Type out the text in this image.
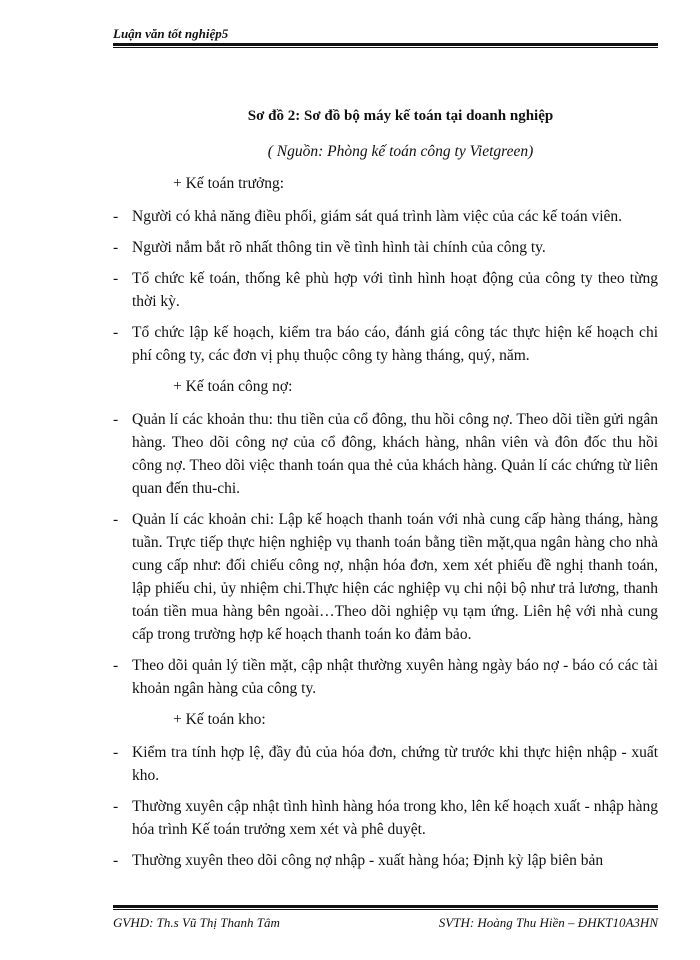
Luận văn tốt nghiệp5
Sơ đồ 2: Sơ đồ bộ máy kế toán tại doanh nghiệp
( Nguồn: Phòng kế toán công ty Vietgreen)
+ Kế toán trưởng:
- Người có khả năng điều phối, giám sát quá trình làm việc của các kế toán viên.
- Người nắm bắt rõ nhất thông tin về tình hình tài chính của công ty.
- Tổ chức kế toán, thống kê phù hợp với tình hình hoạt động của công ty theo từng thời kỳ.
- Tổ chức lập kế hoạch, kiểm tra báo cáo, đánh giá công tác thực hiện kế hoạch chi phí công ty, các đơn vị phụ thuộc công ty hàng tháng, quý, năm.
+ Kế toán công nợ:
- Quản lí các khoản thu: thu tiền của cổ đông, thu hồi công nợ. Theo dõi tiền gửi ngân hàng. Theo dõi công nợ của cổ đông, khách hàng, nhân viên và đôn đốc thu hồi công nợ. Theo dõi việc thanh toán qua thẻ của khách hàng. Quản lí các chứng từ liên quan đến thu-chi.
- Quản lí các khoản chi: Lập kế hoạch thanh toán với nhà cung cấp hàng tháng, hàng tuần. Trực tiếp thực hiện nghiệp vụ thanh toán bằng tiền mặt,qua ngân hàng cho nhà cung cấp như: đối chiếu công nợ, nhận hóa đơn, xem xét phiếu đề nghị thanh toán, lập phiếu chi, ủy nhiệm chi.Thực hiện các nghiệp vụ chi nội bộ như trả lương, thanh toán tiền mua hàng bên ngoài…Theo dõi nghiệp vụ tạm ứng. Liên hệ với nhà cung cấp trong trường hợp kế hoạch thanh toán ko đảm bảo.
- Theo dõi quản lý tiền mặt, cập nhật thường xuyên hàng ngày báo nợ - báo có các tài khoản ngân hàng của công ty.
+ Kế toán kho:
- Kiểm tra tính hợp lệ, đầy đủ của hóa đơn, chứng từ trước khi thực hiện nhập - xuất kho.
- Thường xuyên cập nhật tình hình hàng hóa trong kho, lên kế hoạch xuất - nhập hàng hóa trình Kế toán trưởng xem xét và phê duyệt.
- Thường xuyên theo dõi công nợ nhập - xuất hàng hóa; Định kỳ lập biên bản
GVHD: Th.s Vũ Thị Thanh Tâm	SVTH: Hoàng Thu Hiền – ĐHKT10A3HN
